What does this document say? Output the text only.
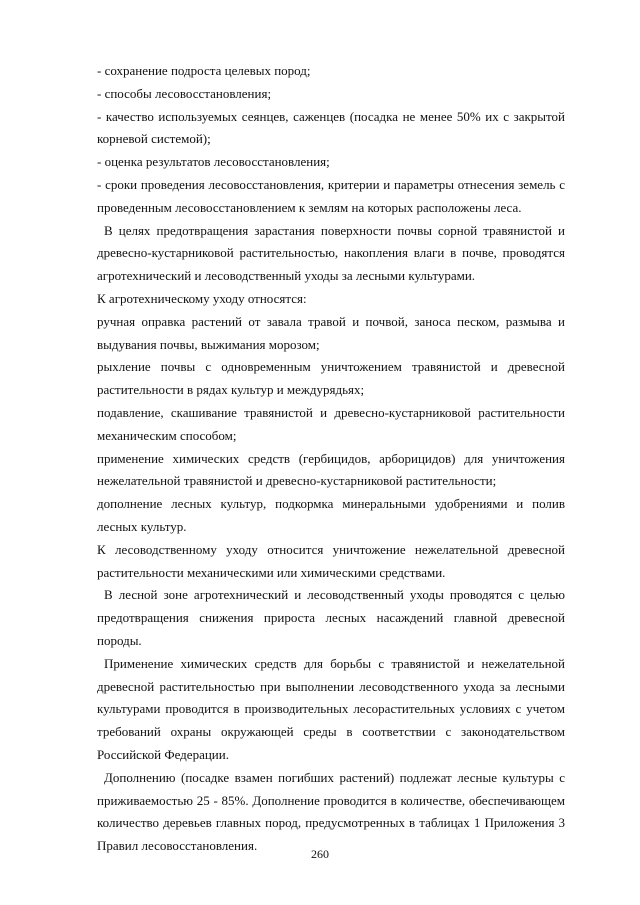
- сохранение подроста целевых пород;

- способы лесовосстановления;

- качество используемых сеянцев, саженцев (посадка не менее 50% их с закрытой корневой системой);

- оценка результатов лесовосстановления;

- сроки проведения лесовосстановления, критерии и параметры отнесения земель с проведенным лесовосстановлением к землям на которых расположены леса.

В целях предотвращения зарастания поверхности почвы сорной травянистой и древесно-кустарниковой растительностью, накопления влаги в почве, проводятся агротехнический и лесоводственный уходы за лесными культурами.

К агротехническому уходу относятся:

ручная оправка растений от завала травой и почвой, заноса песком, размыва и выдувания почвы, выжимания морозом;

рыхление почвы с одновременным уничтожением травянистой и древесной растительности в рядах культур и междурядьях;

подавление, скашивание травянистой и древесно-кустарниковой растительности механическим способом;

применение химических средств (гербицидов, арборицидов) для уничтожения нежелательной травянистой и древесно-кустарниковой растительности;

дополнение лесных культур, подкормка минеральными удобрениями и полив лесных культур.

К лесоводственному уходу относится уничтожение нежелательной древесной растительности механическими или химическими средствами.

В лесной зоне агротехнический и лесоводственный уходы проводятся с целью предотвращения снижения прироста лесных насаждений главной древесной породы.

Применение химических средств для борьбы с травянистой и нежелательной древесной растительностью при выполнении лесоводственного ухода за лесными культурами проводится в производительных лесорастительных условиях с учетом требований охраны окружающей среды в соответствии с законодательством Российской Федерации.

Дополнению (посадке взамен погибших растений) подлежат лесные культуры с приживаемостью 25 - 85%. Дополнение проводится в количестве, обеспечивающем количество деревьев главных пород, предусмотренных в таблицах 1 Приложения 3 Правил лесовосстановления.

260
